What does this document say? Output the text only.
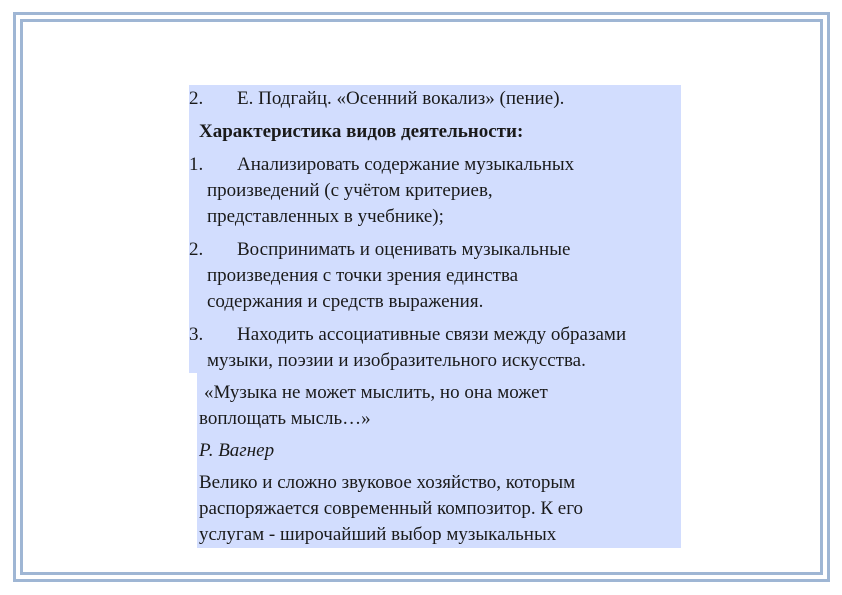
2. Е. Подгайц. «Осенний вокализ» (пение).

Характеристика видов деятельности:

1. Анализировать содержание музыкальных

произведений (с учётом критериев,

представленных в учебнике);

2. Воспринимать и оценивать музыкальные

произведения с точки зрения единства

содержания и средств выражения.

3. Находить ассоциативные связи между образами

музыки, поэзии и изобразительного искусства.

«Музыка не может мыслить, но она может

воплощать мысль…»

Р. Вагнер

Велико и сложно звуковое хозяйство, которым

распоряжается современный композитор. К его

услугам - широчайший выбор музыкальных
